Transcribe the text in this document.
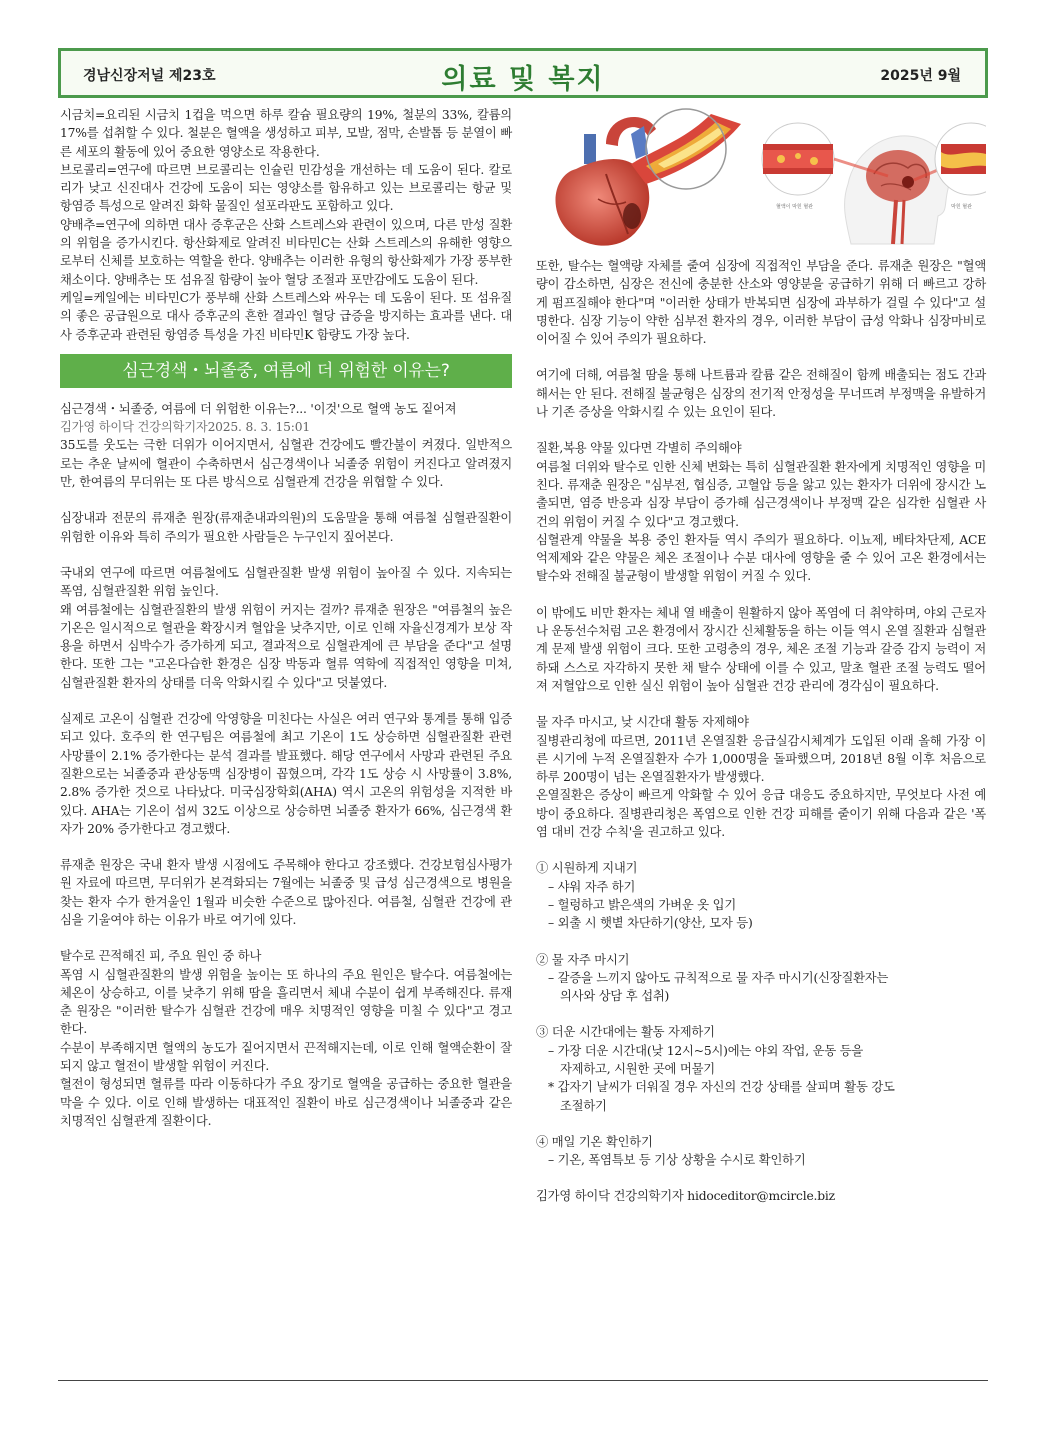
경남신장저널 제23호	의료 및 복지	2025년 9월

시금치=요리된 시금치 1컵을 먹으면 하루 칼슘 필요량의 19%, 철분의 33%, 칼륨의 17%를 섭취할 수 있다. 철분은 혈액을 생성하고 피부, 모발, 점막, 손발톱 등 분열이 빠른 세포의 활동에 있어 중요한 영양소로 작용한다.

브로콜리=연구에 따르면 브로콜리는 인슐린 민감성을 개선하는 데 도움이 된다. 칼로리가 낮고 신진대사 건강에 도움이 되는 영양소를 함유하고 있는 브로콜리는 항균 및 항염증 특성으로 알려진 화학 물질인 설포라판도 포함하고 있다.

양배추=연구에 의하면 대사 증후군은 산화 스트레스와 관련이 있으며, 다른 만성 질환의 위험을 증가시킨다. 항산화제로 알려진 비타민C는 산화 스트레스의 유해한 영향으로부터 신체를 보호하는 역할을 한다. 양배추는 이러한 유형의 항산화제가 가장 풍부한 채소이다. 양배추는 또 섬유질 함량이 높아 혈당 조절과 포만감에도 도움이 된다.

케일=케일에는 비타민C가 풍부해 산화 스트레스와 싸우는 데 도움이 된다. 또 섬유질의 좋은 공급원으로 대사 증후군의 흔한 결과인 혈당 급증을 방지하는 효과를 낸다. 대사 증후군과 관련된 항염증 특성을 가진 비타민K 함량도 가장 높다.

심근경색・뇌졸중, 여름에 더 위험한 이유는?

심근경색・뇌졸중, 여름에 더 위험한 이유는?... '이것'으로 혈액 농도 짙어져

김가영 하이닥 건강의학기자2025. 8. 3. 15:01

35도를 웃도는 극한 더위가 이어지면서, 심혈관 건강에도 빨간불이 켜졌다. 일반적으로는 추운 날씨에 혈관이 수축하면서 심근경색이나 뇌졸중 위험이 커진다고 알려졌지만, 한여름의 무더위는 또 다른 방식으로 심혈관계 건강을 위협할 수 있다.

심장내과 전문의 류재춘 원장(류재춘내과의원)의 도움말을 통해 여름철 심혈관질환이 위험한 이유와 특히 주의가 필요한 사람들은 누구인지 짚어본다.

국내외 연구에 따르면 여름철에도 심혈관질환 발생 위험이 높아질 수 있다. 지속되는 폭염, 심혈관질환 위험 높인다.

왜 여름철에는 심혈관질환의 발생 위험이 커지는 걸까? 류재춘 원장은 "여름철의 높은 기온은 일시적으로 혈관을 확장시켜 혈압을 낮추지만, 이로 인해 자율신경계가 보상 작용을 하면서 심박수가 증가하게 되고, 결과적으로 심혈관계에 큰 부담을 준다"고 설명한다. 또한 그는 "고온다습한 환경은 심장 박동과 혈류 역학에 직접적인 영향을 미쳐, 심혈관질환 환자의 상태를 더욱 악화시킬 수 있다"고 덧붙였다.

실제로 고온이 심혈관 건강에 악영향을 미친다는 사실은 여러 연구와 통계를 통해 입증되고 있다. 호주의 한 연구팀은 여름철에 최고 기온이 1도 상승하면 심혈관질환 관련 사망률이 2.1% 증가한다는 분석 결과를 발표했다. 해당 연구에서 사망과 관련된 주요 질환으로는 뇌졸중과 관상동맥 심장병이 꼽혔으며, 각각 1도 상승 시 사망률이 3.8%, 2.8% 증가한 것으로 나타났다. 미국심장학회(AHA) 역시 고온의 위험성을 지적한 바 있다. AHA는 기온이 섭씨 32도 이상으로 상승하면 뇌졸중 환자가 66%, 심근경색 환자가 20% 증가한다고 경고했다.

류재춘 원장은 국내 환자 발생 시점에도 주목해야 한다고 강조했다. 건강보험심사평가원 자료에 따르면, 무더위가 본격화되는 7월에는 뇌졸중 및 급성 심근경색으로 병원을 찾는 환자 수가 한겨울인 1월과 비슷한 수준으로 많아진다. 여름철, 심혈관 건강에 관심을 기울여야 하는 이유가 바로 여기에 있다.

탈수로 끈적해진 피, 주요 원인 중 하나

폭염 시 심혈관질환의 발생 위험을 높이는 또 하나의 주요 원인은 탈수다. 여름철에는 체온이 상승하고, 이를 낮추기 위해 땀을 흘리면서 체내 수분이 쉽게 부족해진다. 류재춘 원장은 "이러한 탈수가 심혈관 건강에 매우 치명적인 영향을 미칠 수 있다"고 경고한다.

수분이 부족해지면 혈액의 농도가 짙어지면서 끈적해지는데, 이로 인해 혈액순환이 잘되지 않고 혈전이 발생할 위험이 커진다.

혈전이 형성되면 혈류를 따라 이동하다가 주요 장기로 혈액을 공급하는 중요한 혈관을 막을 수 있다. 이로 인해 발생하는 대표적인 질환이 바로 심근경색이나 뇌졸중과 같은 치명적인 심혈관계 질환이다.

혈액이 막힌 혈관	막힌 혈관

또한, 탈수는 혈액량 자체를 줄여 심장에 직접적인 부담을 준다. 류재춘 원장은 "혈액량이 감소하면, 심장은 전신에 충분한 산소와 영양분을 공급하기 위해 더 빠르고 강하게 펌프질해야 한다"며 "이러한 상태가 반복되면 심장에 과부하가 걸릴 수 있다"고 설명한다. 심장 기능이 약한 심부전 환자의 경우, 이러한 부담이 급성 악화나 심장마비로 이어질 수 있어 주의가 필요하다.

여기에 더해, 여름철 땀을 통해 나트륨과 칼륨 같은 전해질이 함께 배출되는 점도 간과해서는 안 된다. 전해질 불균형은 심장의 전기적 안정성을 무너뜨려 부정맥을 유발하거나 기존 증상을 악화시킬 수 있는 요인이 된다.

질환,복용 약물 있다면 각별히 주의해야

여름철 더위와 탈수로 인한 신체 변화는 특히 심혈관질환 환자에게 치명적인 영향을 미친다. 류재춘 원장은 "심부전, 협심증, 고혈압 등을 앓고 있는 환자가 더위에 장시간 노출되면, 염증 반응과 심장 부담이 증가해 심근경색이나 부정맥 같은 심각한 심혈관 사건의 위험이 커질 수 있다"고 경고했다.

심혈관계 약물을 복용 중인 환자들 역시 주의가 필요하다. 이뇨제, 베타차단제, ACE 억제제와 같은 약물은 체온 조절이나 수분 대사에 영향을 줄 수 있어 고온 환경에서는 탈수와 전해질 불균형이 발생할 위험이 커질 수 있다.

이 밖에도 비만 환자는 체내 열 배출이 원활하지 않아 폭염에 더 취약하며, 야외 근로자나 운동선수처럼 고온 환경에서 장시간 신체활동을 하는 이들 역시 온열 질환과 심혈관계 문제 발생 위험이 크다. 또한 고령층의 경우, 체온 조절 기능과 갈증 감지 능력이 저하돼 스스로 자각하지 못한 채 탈수 상태에 이를 수 있고, 말초 혈관 조절 능력도 떨어져 저혈압으로 인한 실신 위험이 높아 심혈관 건강 관리에 경각심이 필요하다.

물 자주 마시고, 낮 시간대 활동 자제해야

질병관리청에 따르면, 2011년 온열질환 응급실감시체계가 도입된 이래 올해 가장 이른 시기에 누적 온열질환자 수가 1,000명을 돌파했으며, 2018년 8월 이후 처음으로 하루 200명이 넘는 온열질환자가 발생했다.

온열질환은 증상이 빠르게 악화할 수 있어 응급 대응도 중요하지만, 무엇보다 사전 예방이 중요하다. 질병관리청은 폭염으로 인한 건강 피해를 줄이기 위해 다음과 같은 '폭염 대비 건강 수칙'을 권고하고 있다.

① 시원하게 지내기

– 샤워 자주 하기

– 헐렁하고 밝은색의 가벼운 옷 입기

– 외출 시 햇볕 차단하기(양산, 모자 등)

② 물 자주 마시기

– 갈증을 느끼지 않아도 규칙적으로 물 자주 마시기(신장질환자는

의사와 상담 후 섭취)

③ 더운 시간대에는 활동 자제하기

– 가장 더운 시간대(낮 12시~5시)에는 야외 작업, 운동 등을

자제하고, 시원한 곳에 머물기

* 갑자기 날씨가 더워질 경우 자신의 건강 상태를 살피며 활동 강도

조절하기

④ 매일 기온 확인하기

– 기온, 폭염특보 등 기상 상황을 수시로 확인하기

김가영 하이닥 건강의학기자 hidoceditor@mcircle.biz
